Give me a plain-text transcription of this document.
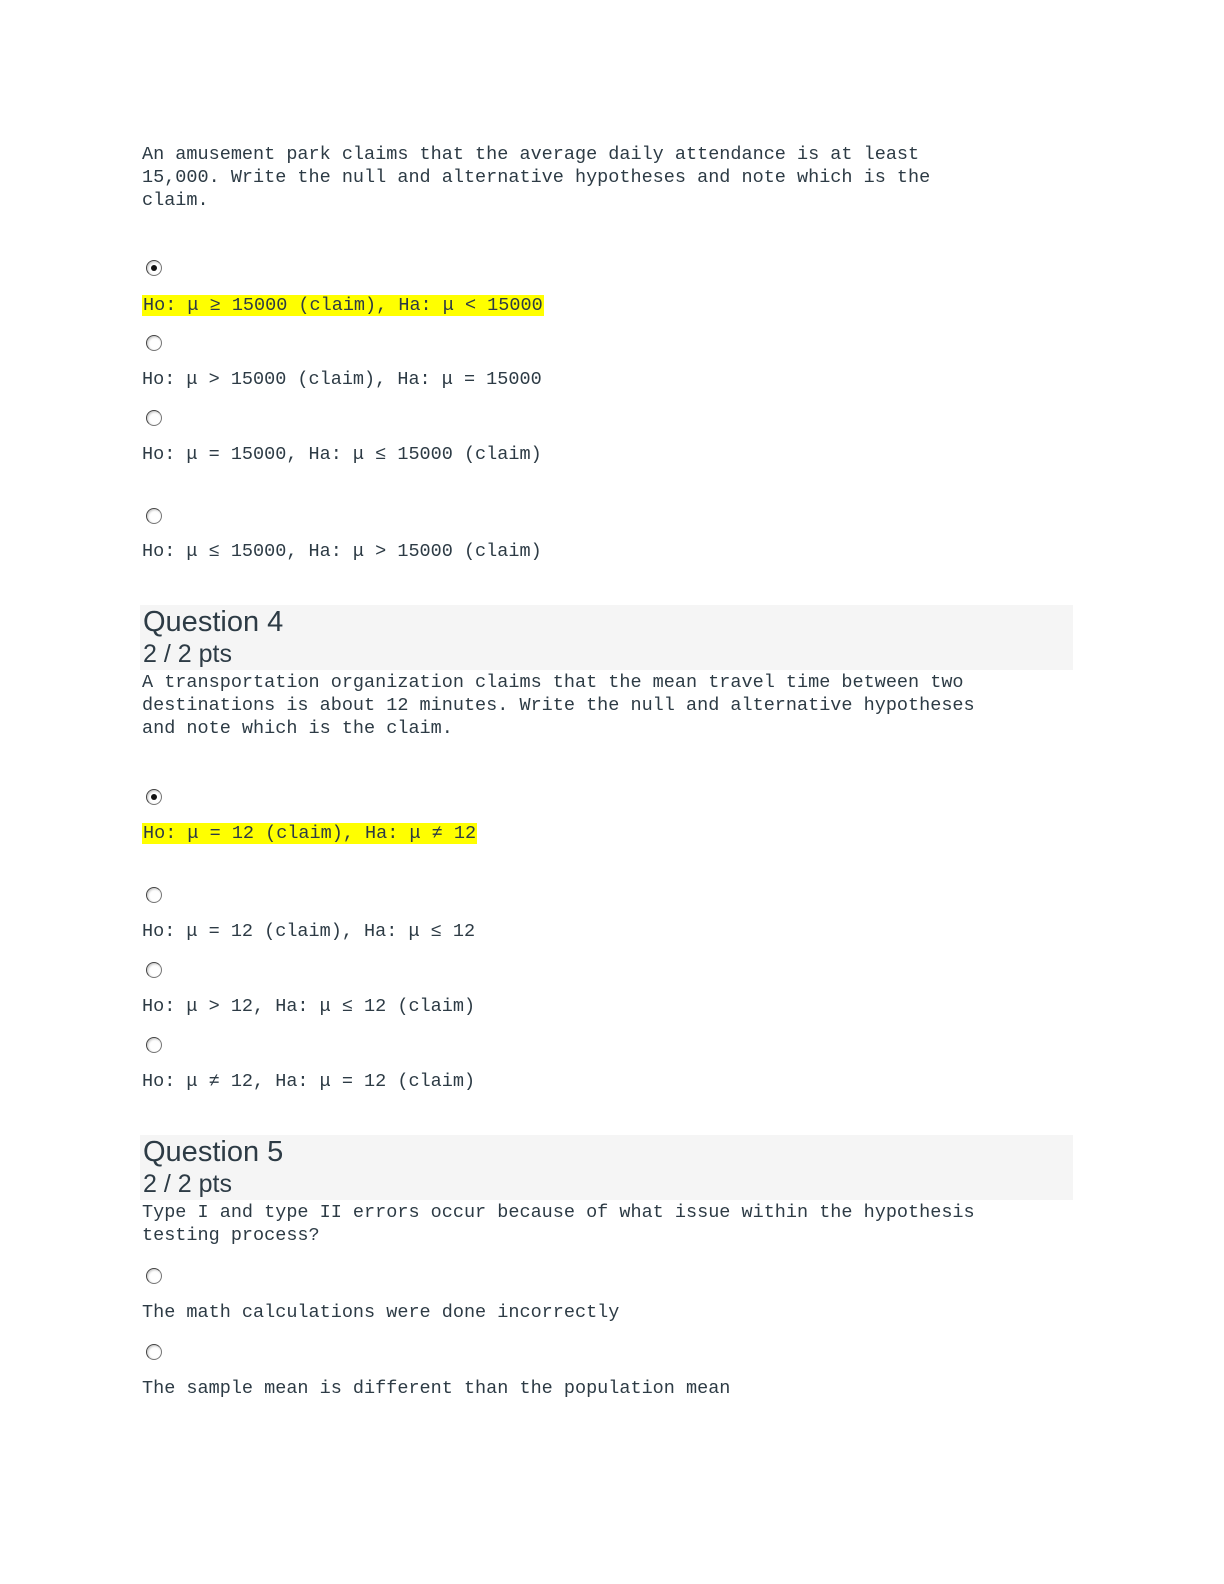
An amusement park claims that the average daily attendance is at least
15,000. Write the null and alternative hypotheses and note which is the
claim.
Ho: μ ≥ 15000 (claim), Ha: μ < 15000
Ho: μ > 15000 (claim), Ha: μ = 15000
Ho: μ = 15000, Ha: μ ≤ 15000 (claim)
Ho: μ ≤ 15000, Ha: μ > 15000 (claim)
Question 4
2 / 2 pts
A transportation organization claims that the mean travel time between two
destinations is about 12 minutes. Write the null and alternative hypotheses
and note which is the claim.
Ho: μ = 12 (claim), Ha: μ ≠ 12
Ho: μ = 12 (claim), Ha: μ ≤ 12
Ho: μ > 12, Ha: μ ≤ 12 (claim)
Ho: μ ≠ 12, Ha: μ = 12 (claim)
Question 5
2 / 2 pts
Type I and type II errors occur because of what issue within the hypothesis
testing process?
The math calculations were done incorrectly
The sample mean is different than the population mean
